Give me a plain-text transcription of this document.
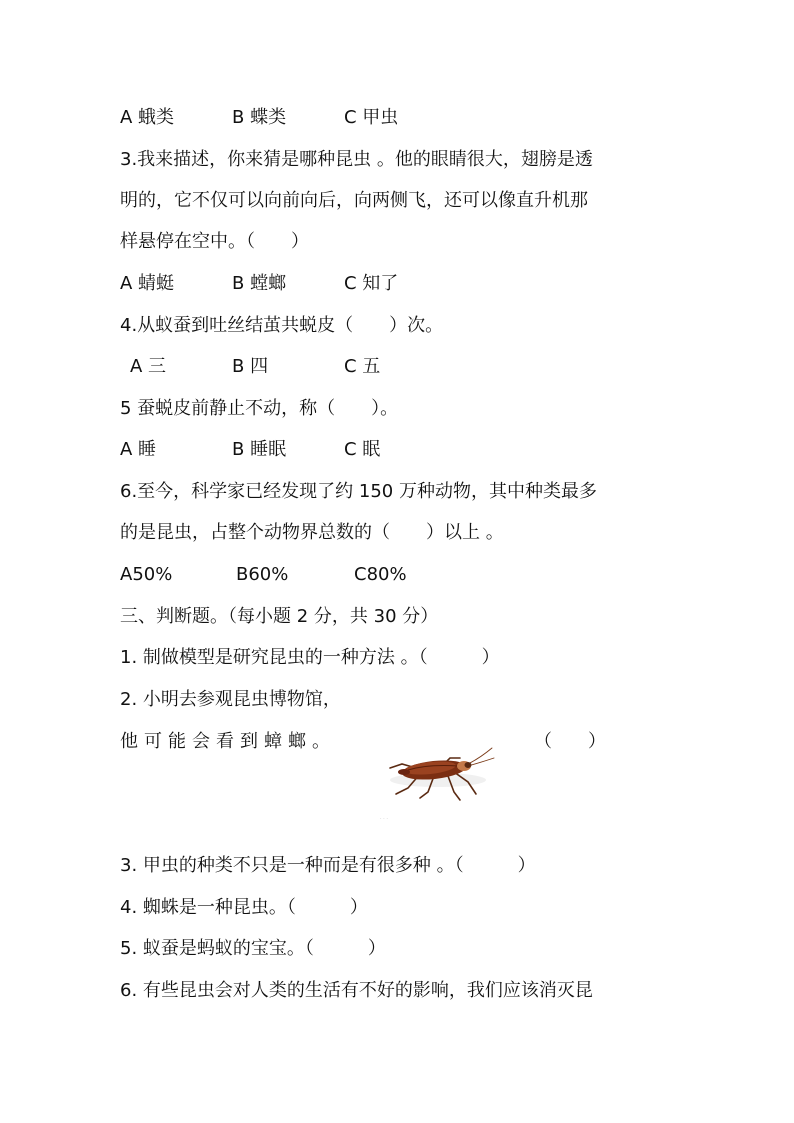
A 蛾类	B 蝶类	C 甲虫
3.我来描述，你来猜是哪种昆虫 。他的眼睛很大，翅膀是透
明的，它不仅可以向前向后，向两侧飞，还可以像直升机那
样悬停在空中。（　　）
A 蜻蜓	B 螳螂	C 知了
4.从蚁蚕到吐丝结茧共蜕皮（　　）次。
A 三	B 四	C 五
5 蚕蜕皮前静止不动，称（　　）。
A 睡	B 睡眠	C 眠
6.至今，科学家已经发现了约 150 万种动物，其中种类最多
的是昆虫，占整个动物界总数的（　　）以上 。
A50%	B60%	C80%
三、判断题。（每小题 2 分，共 30 分）
1. 制做模型是研究昆虫的一种方法 。（　　　）
2. 小明去参观昆虫博物馆，
他可能会看到蟑螂。	（　　）
· · ·
3. 甲虫的种类不只是一种而是有很多种 。（　　　）
4. 蜘蛛是一种昆虫。（　　　）
5. 蚁蚕是蚂蚁的宝宝。（　　　）
6. 有些昆虫会对人类的生活有不好的影响，我们应该消灭昆
